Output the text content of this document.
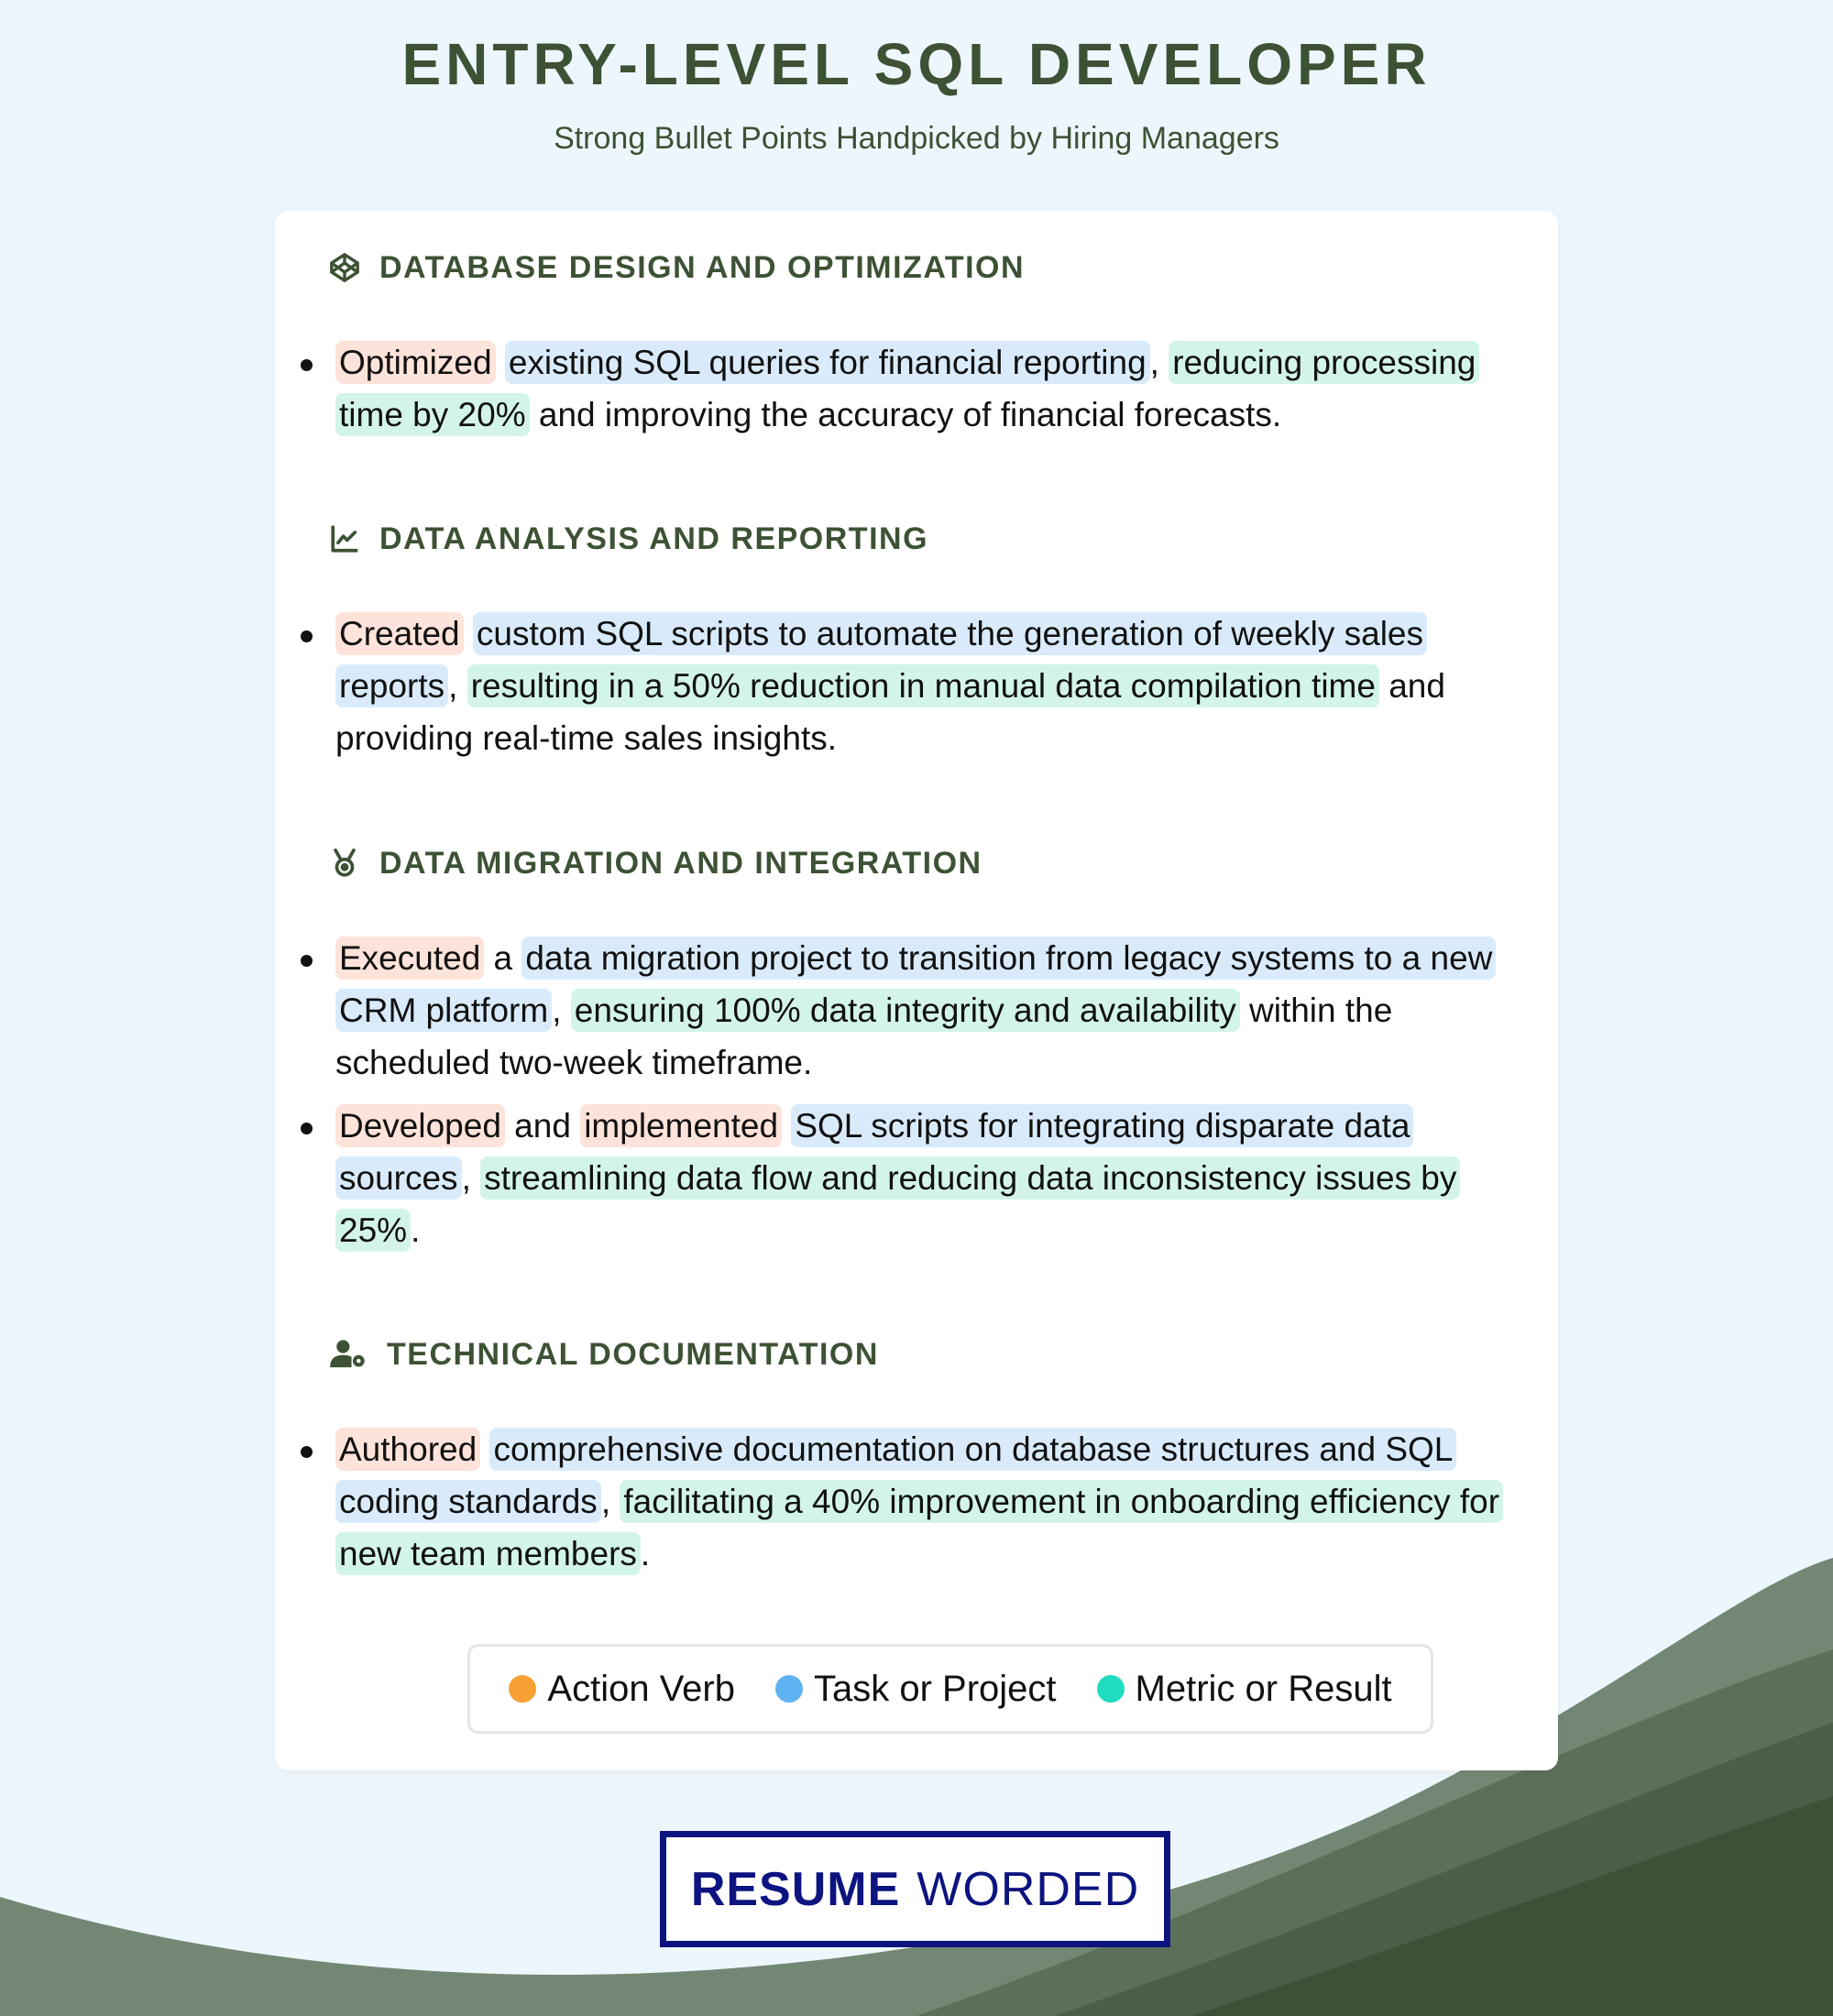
ENTRY-LEVEL SQL DEVELOPER
Strong Bullet Points Handpicked by Hiring Managers
DATABASE DESIGN AND OPTIMIZATION
Optimized existing SQL queries for financial reporting , reducing processing time by 20% and improving the accuracy of financial forecasts.
DATA ANALYSIS AND REPORTING
Created custom SQL scripts to automate the generation of weekly sales reports , resulting in a 50% reduction in manual data compilation time and providing real-time sales insights.
DATA MIGRATION AND INTEGRATION
Executed a data migration project to transition from legacy systems to a new CRM platform , ensuring 100% data integrity and availability within the scheduled two-week timeframe.
Developed and implemented SQL scripts for integrating disparate data sources , streamlining data flow and reducing data inconsistency issues by 25% .
TECHNICAL DOCUMENTATION
Authored comprehensive documentation on database structures and SQL coding standards , facilitating a 40% improvement in onboarding efficiency for new team members .
Action Verb Task or Project Metric or Result
RESUME WORDED
